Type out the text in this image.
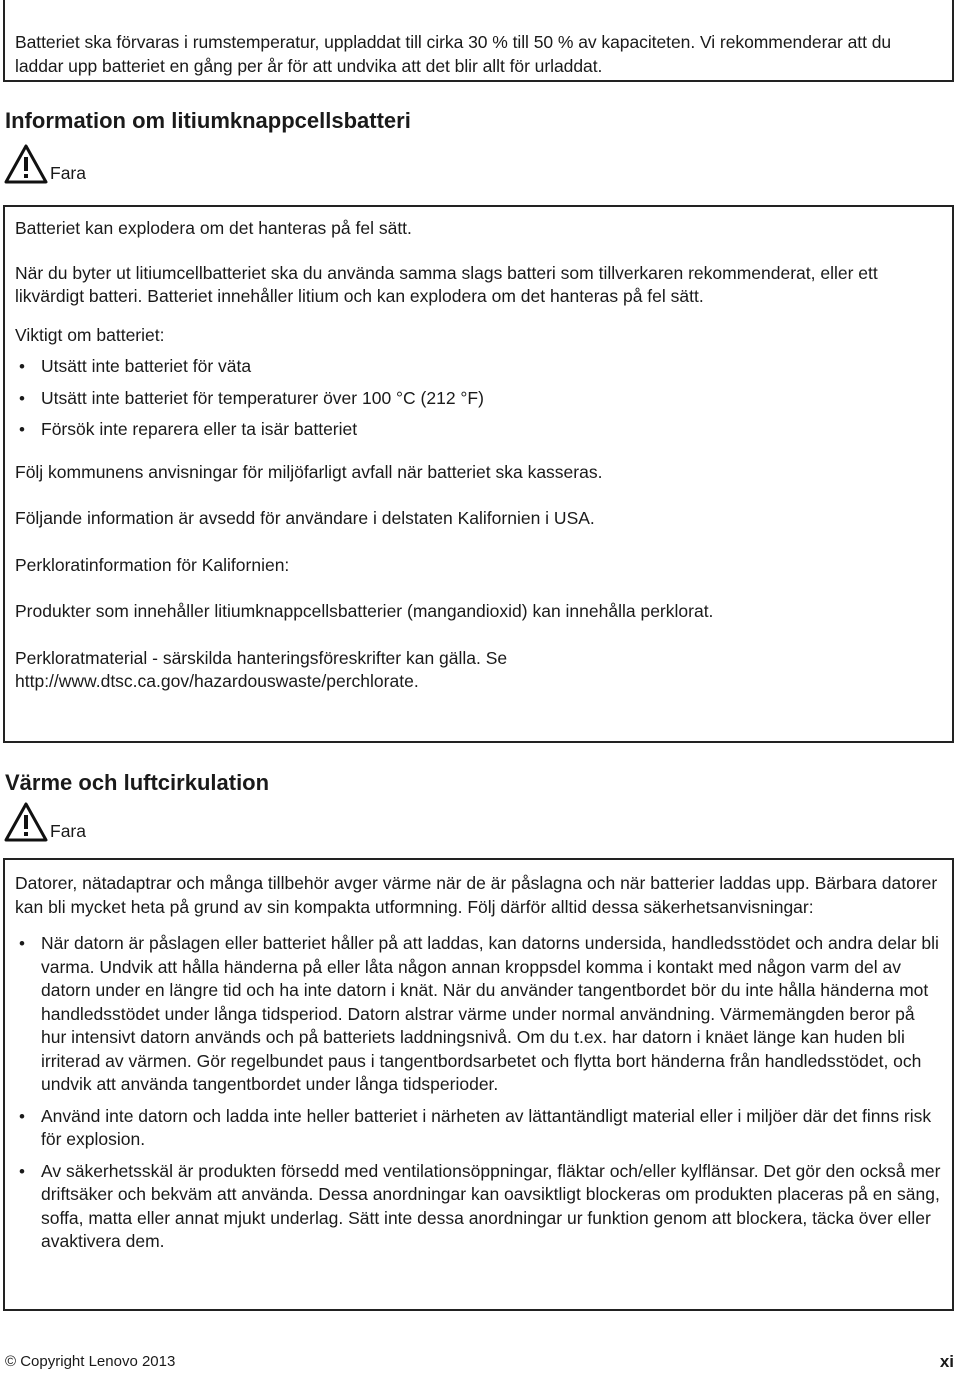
Batteriet ska förvaras i rumstemperatur, uppladdat till cirka 30 % till 50 % av kapaciteten. Vi rekommenderar att du laddar upp batteriet en gång per år för att undvika att det blir allt för urladdat.

Information om litiumknappcellsbatteri
Fara

Batteriet kan explodera om det hanteras på fel sätt.

När du byter ut litiumcellbatteriet ska du använda samma slags batteri som tillverkaren rekommenderat, eller ett likvärdigt batteri. Batteriet innehåller litium och kan explodera om det hanteras på fel sätt.

Viktigt om batteriet:

• Utsätt inte batteriet för väta
• Utsätt inte batteriet för temperaturer över 100 °C (212 °F)
• Försök inte reparera eller ta isär batteriet

Följ kommunens anvisningar för miljöfarligt avfall när batteriet ska kasseras.

Följande information är avsedd för användare i delstaten Kalifornien i USA.

Perkloratinformation för Kalifornien:

Produkter som innehåller litiumknappcellsbatterier (mangandioxid) kan innehålla perklorat.

Perkloratmaterial - särskilda hanteringsföreskrifter kan gälla. Se http://www.dtsc.ca.gov/hazardouswaste/perchlorate.

Värme och luftcirkulation
Fara

Datorer, nätadaptrar och många tillbehör avger värme när de är påslagna och när batterier laddas upp. Bärbara datorer kan bli mycket heta på grund av sin kompakta utformning. Följ därför alltid dessa säkerhetsanvisningar:

• När datorn är påslagen eller batteriet håller på att laddas, kan datorns undersida, handledsstödet och andra delar bli varma. Undvik att hålla händerna på eller låta någon annan kroppsdel komma i kontakt med någon varm del av datorn under en längre tid och ha inte datorn i knät. När du använder tangentbordet bör du inte hålla händerna mot handledsstödet under långa tidsperiod. Datorn alstrar värme under normal användning. Värmemängden beror på hur intensivt datorn används och på batteriets laddningsnivå. Om du t.ex. har datorn i knäet länge kan huden bli irriterad av värmen. Gör regelbundet paus i tangentbordsarbetet och flytta bort händerna från handledsstödet, och undvik att använda tangentbordet under långa tidsperioder.
• Använd inte datorn och ladda inte heller batteriet i närheten av lättantändligt material eller i miljöer där det finns risk för explosion.
• Av säkerhetsskäl är produkten försedd med ventilationsöppningar, fläktar och/eller kylflänsar. Det gör den också mer driftsäker och bekväm att använda. Dessa anordningar kan oavsiktligt blockeras om produkten placeras på en säng, soffa, matta eller annat mjukt underlag. Sätt inte dessa anordningar ur funktion genom att blockera, täcka över eller avaktivera dem.
© Copyright Lenovo 2013	xi
